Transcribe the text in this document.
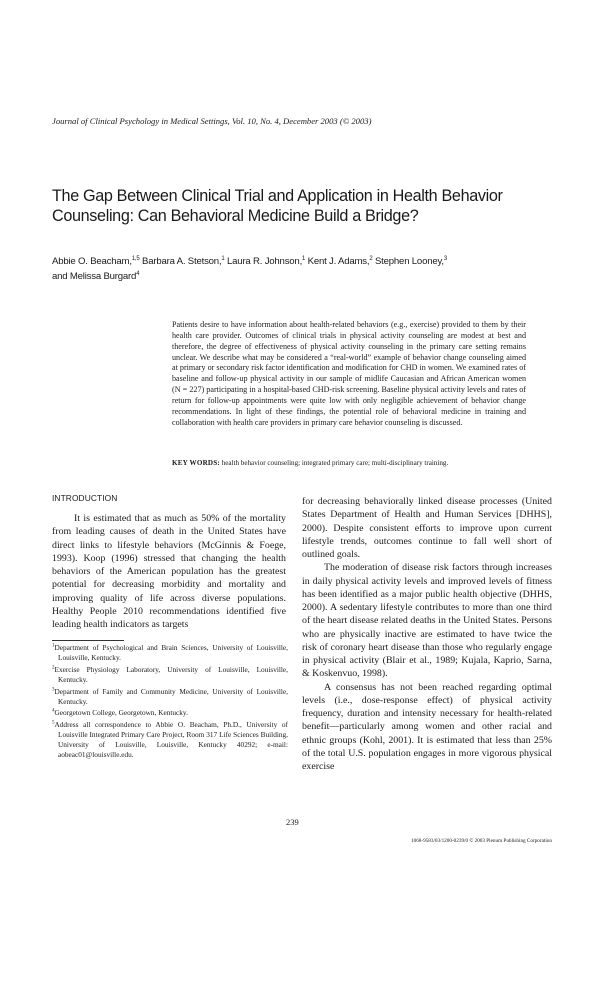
Journal of Clinical Psychology in Medical Settings, Vol. 10, No. 4, December 2003 (© 2003)
The Gap Between Clinical Trial and Application in Health Behavior Counseling: Can Behavioral Medicine Build a Bridge?
Abbie O. Beacham,$^{1,5}$ Barbara A. Stetson,$^1$ Laura R. Johnson,$^1$ Kent J. Adams,$^2$ Stephen Looney,$^3$
and Melissa Burgard$^4$
Patients desire to have information about health-related behaviors (e.g., exercise) provided to them by their health care provider. Outcomes of clinical trials in physical activity counseling are modest at best and therefore, the degree of effectiveness of physical activity counseling in the primary care setting remains unclear. We describe what may be considered a “real-world” example of behavior change counseling aimed at primary or secondary risk factor identification and modification for CHD in women. We examined rates of baseline and follow-up physical activity in our sample of midlife Caucasian and African American women (N = 227) participating in a hospital-based CHD-risk screening. Baseline physical activity levels and rates of return for follow-up appointments were quite low with only negligible achievement of behavior change recommendations. In light of these findings, the potential role of behavioral medicine in training and collaboration with health care providers in primary care behavior counseling is discussed.
KEY WORDS: health behavior counseling; integrated primary care; multi-disciplinary training.
INTRODUCTION

It is estimated that as much as 50% of the mortality from leading causes of death in the United States have direct links to lifestyle behaviors (McGinnis & Foege, 1993). Koop (1996) stressed that changing the health behaviors of the American population has the greatest potential for decreasing morbidity and mortality and improving quality of life across diverse populations. Healthy People 2010 recommendations identified five leading health indicators as targets

for decreasing behaviorally linked disease processes (United States Department of Health and Human Services [DHHS], 2000). Despite consistent efforts to improve upon current lifestyle trends, outcomes continue to fall well short of outlined goals.

The moderation of disease risk factors through increases in daily physical activity levels and improved levels of fitness has been identified as a major public health objective (DHHS, 2000). A sedentary lifestyle contributes to more than one third of the heart disease related deaths in the United States. Persons who are physically inactive are estimated to have twice the risk of coronary heart disease than those who regularly engage in physical activity (Blair et al., 1989; Kujala, Kaprio, Sarna, & Koskenvuo, 1998).

A consensus has not been reached regarding optimal levels (i.e., dose-response effect) of physical activity frequency, duration and intensity necessary for health-related benefit—particularly among women and other racial and ethnic groups (Kohl, 2001). It is estimated that less than 25% of the total U.S. population engages in more vigorous physical exercise

$^1$Department of Psychological and Brain Sciences, University of Louisville, Louisville, Kentucky.

$^2$Exercise Physiology Laboratory, University of Louisville, Louisville, Kentucky.

$^3$Department of Family and Community Medicine, University of Louisville, Kentucky.

$^4$Georgetown College, Georgetown, Kentucky.

$^5$Address all correspondence to Abbie O. Beacham, Ph.D., University of Louisville Integrated Primary Care Project, Room 317 Life Sciences Building, University of Louisville, Louisville, Kentucky 40292; e-mail: aobeac01@louisville.edu.

239
1068-9583/03/1200-0239/0 © 2003 Plenum Publishing Corporation
